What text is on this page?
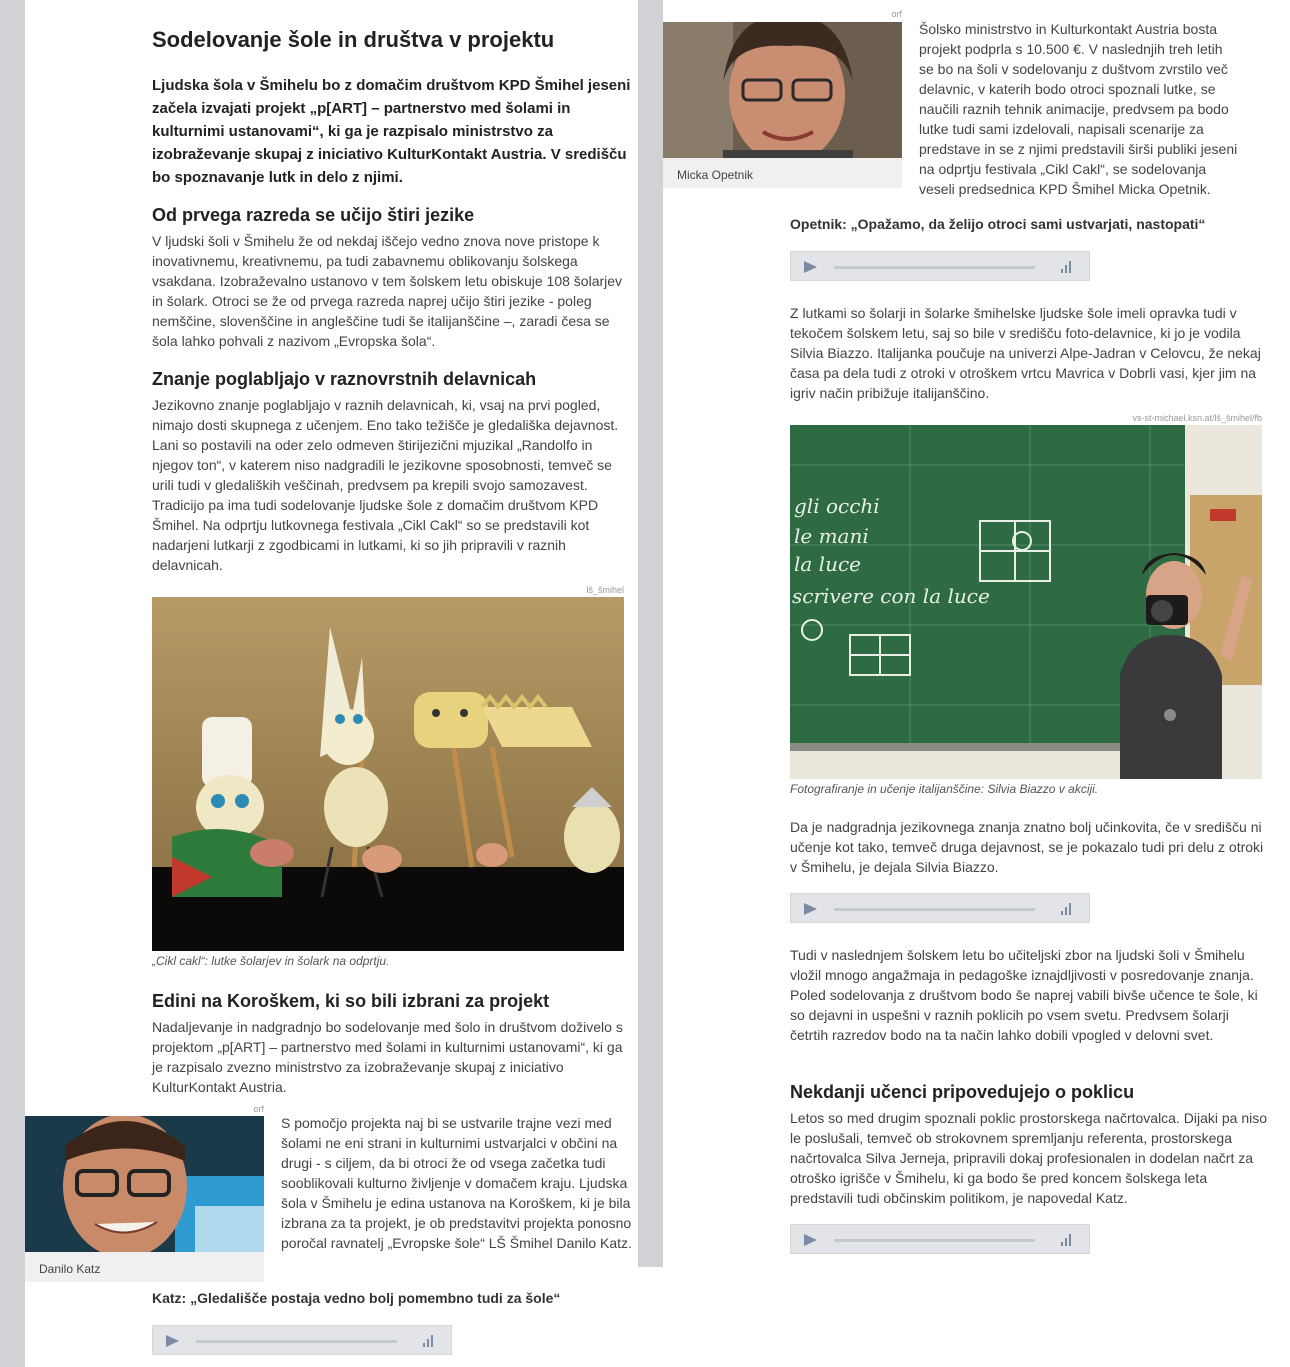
Sodelovanje šole in društva v projektu
Ljudska šola v Šmihelu bo z domačim društvom KPD Šmihel jeseni začela izvajati projekt „p[ART] – partnerstvo med šolami in kulturnimi ustanovami“, ki ga je razpisalo ministrstvo za izobraževanje skupaj z iniciativo KulturKontakt Austria. V središču bo spoznavanje lutk in delo z njimi.
Od prvega razreda se učijo štiri jezike
V ljudski šoli v Šmihelu že od nekdaj iščejo vedno znova nove pristope k inovativnemu, kreativnemu, pa tudi zabavnemu oblikovanju šolskega vsakdana. Izobraževalno ustanovo v tem šolskem letu obiskuje 108 šolarjev in šolark. Otroci se že od prvega razreda naprej učijo štiri jezike - poleg nemščine, slovenščine in angleščine tudi še italijanščine –, zaradi česa se šola lahko pohvali z nazivom „Evropska šola“.
Znanje poglabljajo v raznovrstnih delavnicah
Jezikovno znanje poglabljajo v raznih delavnicah, ki, vsaj na prvi pogled, nimajo dosti skupnega z učenjem. Eno tako težišče je gledališka dejavnost. Lani so postavili na oder zelo odmeven štirijezični mjuzikal „Randolfo in njegov ton“, v katerem niso nadgradili le jezikovne sposobnosti, temveč se urili tudi v gledaliških veščinah, predvsem pa krepili svojo samozavest. Tradicijo pa ima tudi sodelovanje ljudske šole z domačim društvom KPD Šmihel. Na odprtju lutkovnega festivala „Cikl Cakl“ so se predstavili kot nadarjeni lutkarji z zgodbicami in lutkami, ki so jih pripravili v raznih delavnicah.
lš_šmihel
„Cikl cakl“: lutke šolarjev in šolark na odprtju.
Edini na Koroškem, ki so bili izbrani za projekt
Nadaljevanje in nadgradnjo bo sodelovanje med šolo in društvom doživelo s projektom „p[ART] – partnerstvo med šolami in kulturnimi ustanovami“, ki ga je razpisalo zvezno ministrstvo za izobraževanje skupaj z iniciativo KulturKontakt Austria.
orf
Danilo Katz
S pomočjo projekta naj bi se ustvarile trajne vezi med šolami ne eni strani in kulturnimi ustvarjalci v občini na drugi - s ciljem, da bi otroci že od vsega začetka tudi sooblikovali kulturno življenje v domačem kraju. Ljudska šola v Šmihelu je edina ustanova na Koroškem, ki je bila izbrana za ta projekt, je ob predstavitvi projekta ponosno poročal ravnatelj „Evropske šole“ LŠ Šmihel Danilo Katz.
Katz: „Gledališče postaja vedno bolj pomembno tudi za šole“
orf
Micka Opetnik
Šolsko ministrstvo in Kulturkontakt Austria bosta projekt podprla s 10.500 €. V naslednjih treh letih se bo na šoli v sodelovanju z duštvom zvrstilo več delavnic, v katerih bodo otroci spoznali lutke, se naučili raznih tehnik animacije, predvsem pa bodo lutke tudi sami izdelovali, napisali scenarije za predstave in se z njimi predstavili širši publiki jeseni na odprtju festivala „Cikl Cakl“, se sodelovanja veseli predsednica KPD Šmihel Micka Opetnik.
Opetnik: „Opažamo, da želijo otroci sami ustvarjati, nastopati“
Z lutkami so šolarji in šolarke šmihelske ljudske šole imeli opravka tudi v tekočem šolskem letu, saj so bile v središču foto-delavnice, ki jo je vodila Silvia Biazzo. Italijanka poučuje na univerzi Alpe-Jadran v Celovcu, že nekaj časa pa dela tudi z otroki v otroškem vrtcu Mavrica v Dobrli vasi, kjer jim na igriv način pribižuje italijanščino.
vs-st-michael.ksn.at/lš_šmihel/fb
gli occhi
le mani
la luce
scrivere con la luce
Fotografiranje in učenje italijanščine: Silvia Biazzo v akciji.
Da je nadgradnja jezikovnega znanja znatno bolj učinkovita, če v središču ni učenje kot tako, temveč druga dejavnost, se je pokazalo tudi pri delu z otroki v Šmihelu, je dejala Silvia Biazzo.
Tudi v naslednjem šolskem letu bo učiteljski zbor na ljudski šoli v Šmihelu vložil mnogo angažmaja in pedagoške iznajdljivosti v posredovanje znanja. Poled sodelovanja z društvom bodo še naprej vabili bivše učence te šole, ki so dejavni in uspešni v raznih poklicih po vsem svetu. Predvsem šolarji četrtih razredov bodo na ta način lahko dobili vpogled v delovni svet.
Nekdanji učenci pripovedujejo o poklicu
Letos so med drugim spoznali poklic prostorskega načrtovalca. Dijaki pa niso le poslušali, temveč ob strokovnem spremljanju referenta, prostorskega načrtovalca Silva Jerneja, pripravili dokaj profesionalen in dodelan načrt za otroško igrišče v Šmihelu, ki ga bodo še pred koncem šolskega leta predstavili tudi občinskim politikom, je napovedal Katz.
